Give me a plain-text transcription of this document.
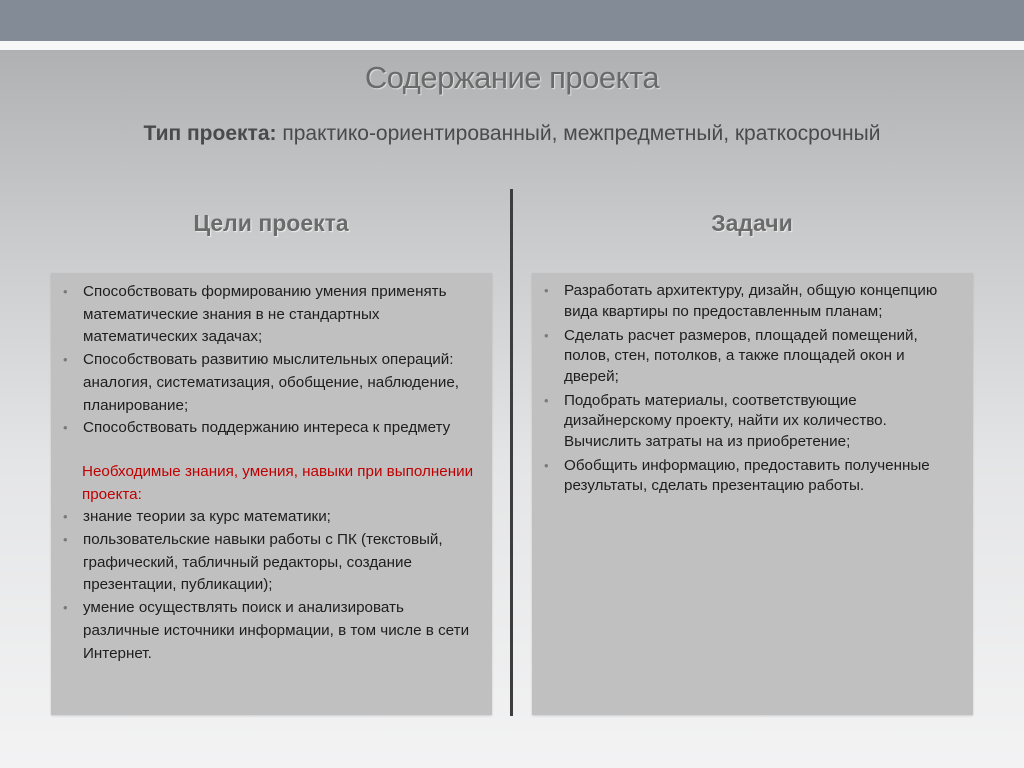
Содержание проекта
Тип проекта: практико-ориентированный, межпредметный, краткосрочный
Цели проекта	Задачи
• Способствовать формированию умения применять математические знания в не стандартных математических задачах;
• Способствовать развитию мыслительных операций: аналогия, систематизация, обобщение, наблюдение, планирование;
• Способствовать поддержанию интереса к предмету
Необходимые знания, умения, навыки при выполнении проекта:
• знание теории за курс математики;
• пользовательские навыки работы с ПК (текстовый, графический, табличный редакторы, создание презентации, публикации);
• умение осуществлять поиск и анализировать различные источники информации, в том числе в сети Интернет.
• Разработать архитектуру, дизайн, общую концепцию вида квартиры по предоставленным планам;
• Сделать расчет размеров, площадей помещений, полов, стен, потолков, а также площадей окон и дверей;
• Подобрать материалы, соответствующие дизайнерскому проекту, найти их количество. Вычислить затраты на из приобретение;
• Обобщить информацию, предоставить полученные результаты, сделать презентацию работы.
